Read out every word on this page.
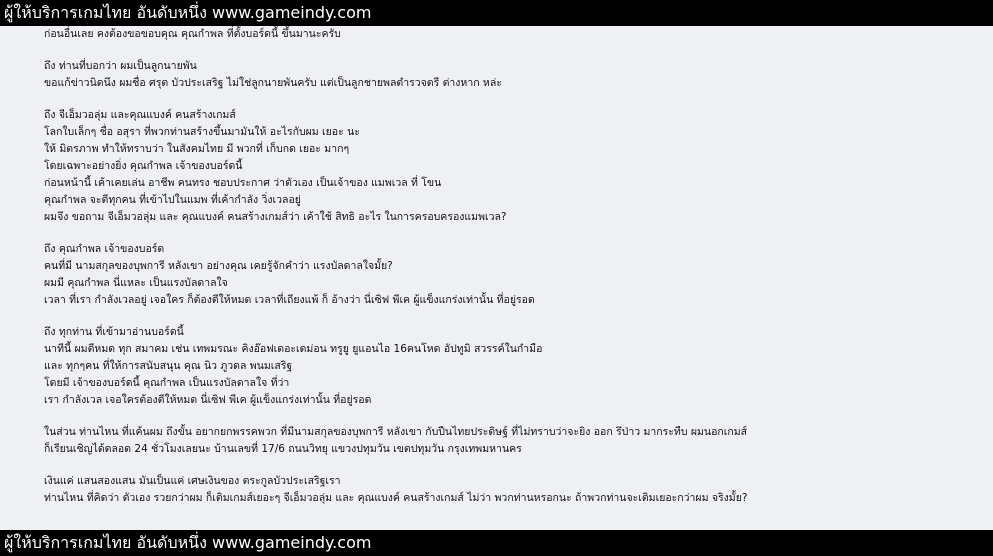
ผู้ให้บริการเกมไทย อันดับหนึ่ง www.gameindy.com
ก่อนอื่นเลย คงต้องขอขอบคุณ คุณกำพล ที่ตั้งบอร์ดนี้ ขึ้นมานะครับ
ถึง ท่านที่บอกว่า ผมเป็นลูกนายพัน
ขอแก้ข่าวนิดนึง ผมชื่อ ศรุต บัวประเสริฐ ไม่ใช่ลูกนายพันครับ แต่เป็นลูกชายพลตำรวจตรี ต่างหาก หล่ะ
ถึง จีเอ็มวอลุ่ม และคุณแบงค์ คนสร้างเกมส์
โลกใบเล็กๆ ชื่อ อสุรา ที่พวกท่านสร้างขึ้นมามันให้ อะไรกับผม เยอะ นะ
ให้ มิตรภาพ ทำให้ทราบว่า ในสังคมไทย มี พวกที่ เก็บกด เยอะ มากๆ
โดยเฉพาะอย่างยิ่ง คุณกำพล เจ้าของบอร์ดนี้
ก่อนหน้านี้ เค้าเคยเล่น อาชีพ คนทรง ชอบประกาศ ว่าตัวเอง เป็นเจ้าของ แมพเวล ที่ โขน
คุณกำพล จะตีทุกคน ที่เข้าไปในแมพ ที่เค้ากำลัง วิ่งเวลอยู่
ผมจึง ขอถาม จีเอ็มวอลุ่ม และ คุณแบงค์ คนสร้างเกมส์ว่า เค้าใช้ สิทธิ อะไร ในการครอบครองแมพเวล?
ถึง คุณกำพล เจ้าของบอร์ด
คนที่มี นามสกุลของบุพการี หลังเขา อย่างคุณ เคยรู้จักคำว่า แรงบัลดาลใจมั้ย?
ผมมี คุณกำพล นี่แหละ เป็นแรงบัลดาลใจ
เวลา ที่เรา กำลังเวลอยู่ เจอใคร ก็ต้องตีให้หมด เวลาที่เถียงแพ้ ก็ อ้างว่า นี่เซิฟ พีเค ผู้แข็งแกร่งเท่านั้น ที่อยู่รอด
ถึง ทุกท่าน ที่เข้ามาอ่านบอร์ดนี้
นาทีนี้ ผมตีหมด ทุก สมาคม เช่น เทพมรณะ คิงอ๊อฟเดอะเดม่อน ทรูยู ยูแอนไอ 16คนโหด อัปทูมิ สวรรค์ในกำมือ
และ ทุกๆคน ที่ให้การสนับสนุน คุณ นิว ภูวดล พนมเสริฐ
โดยมี เจ้าของบอร์ดนี้ คุณกำพล เป็นแรงบัลดาลใจ ที่ว่า
เรา กำลังเวล เจอใครต้องตีให้หมด นี่เซิฟ พีเค ผู้แข็งแกร่งเท่านั้น ที่อยู่รอด
ในส่วน ท่านไหน ที่แค้นผม ถึงขั้น อยากยกพรรคพวก ที่มีนามสกุลของบุพการี หลังเขา กับปืนไทยประดิษฐ์ ที่ไม่ทราบว่าจะยิง ออก รึป่าว มากระทืบ ผมนอกเกมส์
ก็เรียนเชิญได้ตลอด 24 ชั่วโมงเลยนะ บ้านเลขที่ 17/6 ถนนวิทยุ แขวงปทุมวัน เขตปทุมวัน กรุงเทพมหานคร
เงินแค่ แสนสองแสน มันเป็นแค่ เศษเงินของ ตระกูลบัวประเสริฐเรา
ท่านไหน ที่คิดว่า ตัวเอง รวยกว่าผม ก็เติมเกมส์เยอะๆ จีเอ็มวอลุ่ม และ คุณแบงค์ คนสร้างเกมส์ ไม่ว่า พวกท่านหรอกนะ ถ้าพวกท่านจะเติมเยอะกว่าผม จริงมั้ย?
ผู้ให้บริการเกมไทย อันดับหนึ่ง www.gameindy.com
